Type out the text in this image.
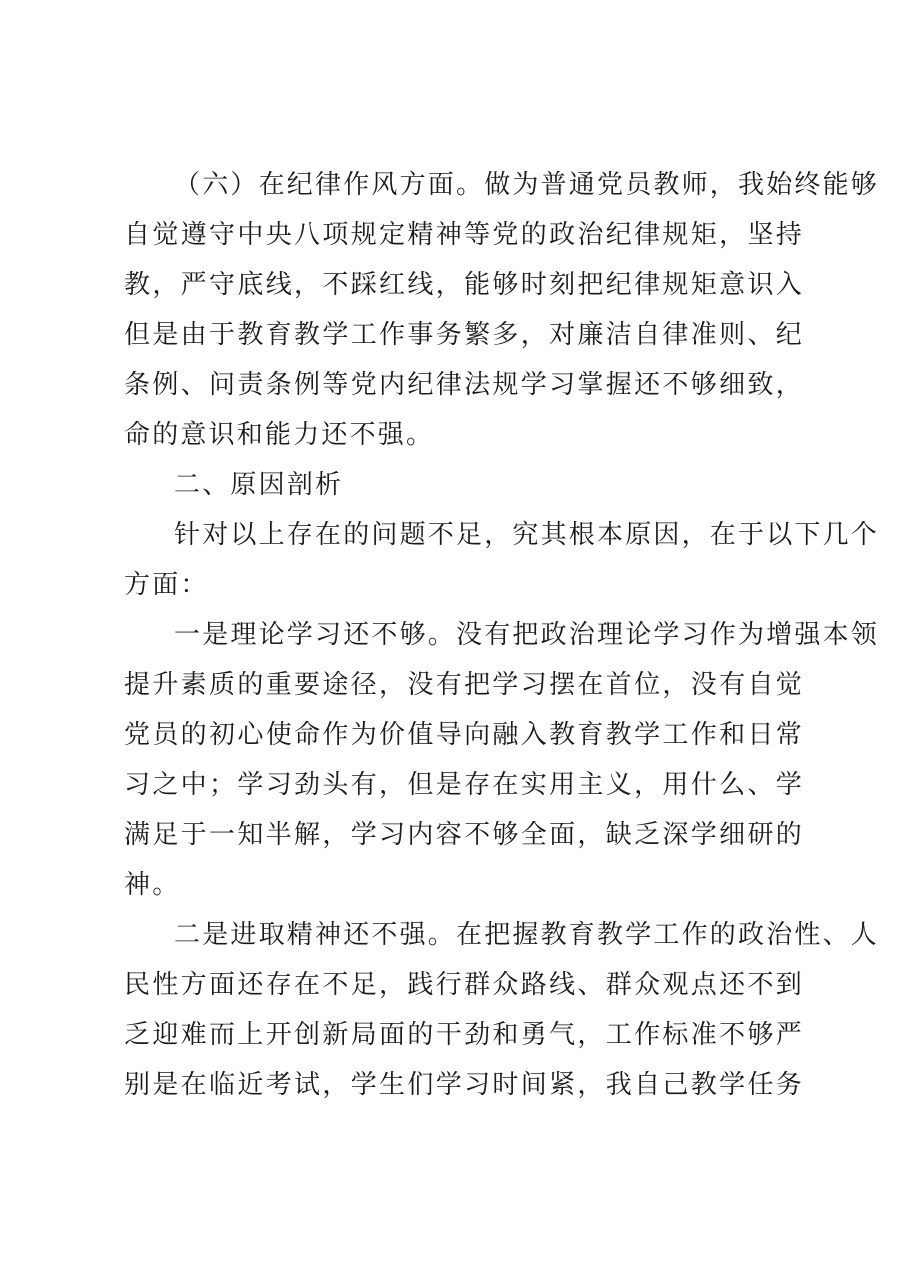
（六）在纪律作风方面。做为普通党员教师，我始终能够
自觉遵守中央八项规定精神等党的政治纪律规矩，坚持
教，严守底线，不踩红线，能够时刻把纪律规矩意识入
但是由于教育教学工作事务繁多，对廉洁自律准则、纪
条例、问责条例等党内纪律法规学习掌握还不够细致，
命的意识和能力还不强。
二、原因剖析
针对以上存在的问题不足，究其根本原因，在于以下几个
方面：
一是理论学习还不够。没有把政治理论学习作为增强本领
提升素质的重要途径，没有把学习摆在首位，没有自觉
党员的初心使命作为价值导向融入教育教学工作和日常
习之中；学习劲头有，但是存在实用主义，用什么、学
满足于一知半解，学习内容不够全面，缺乏深学细研的
神。
二是进取精神还不强。在把握教育教学工作的政治性、人
民性方面还存在不足，践行群众路线、群众观点还不到
乏迎难而上开创新局面的干劲和勇气，工作标准不够严
别是在临近考试，学生们学习时间紧，我自己教学任务
